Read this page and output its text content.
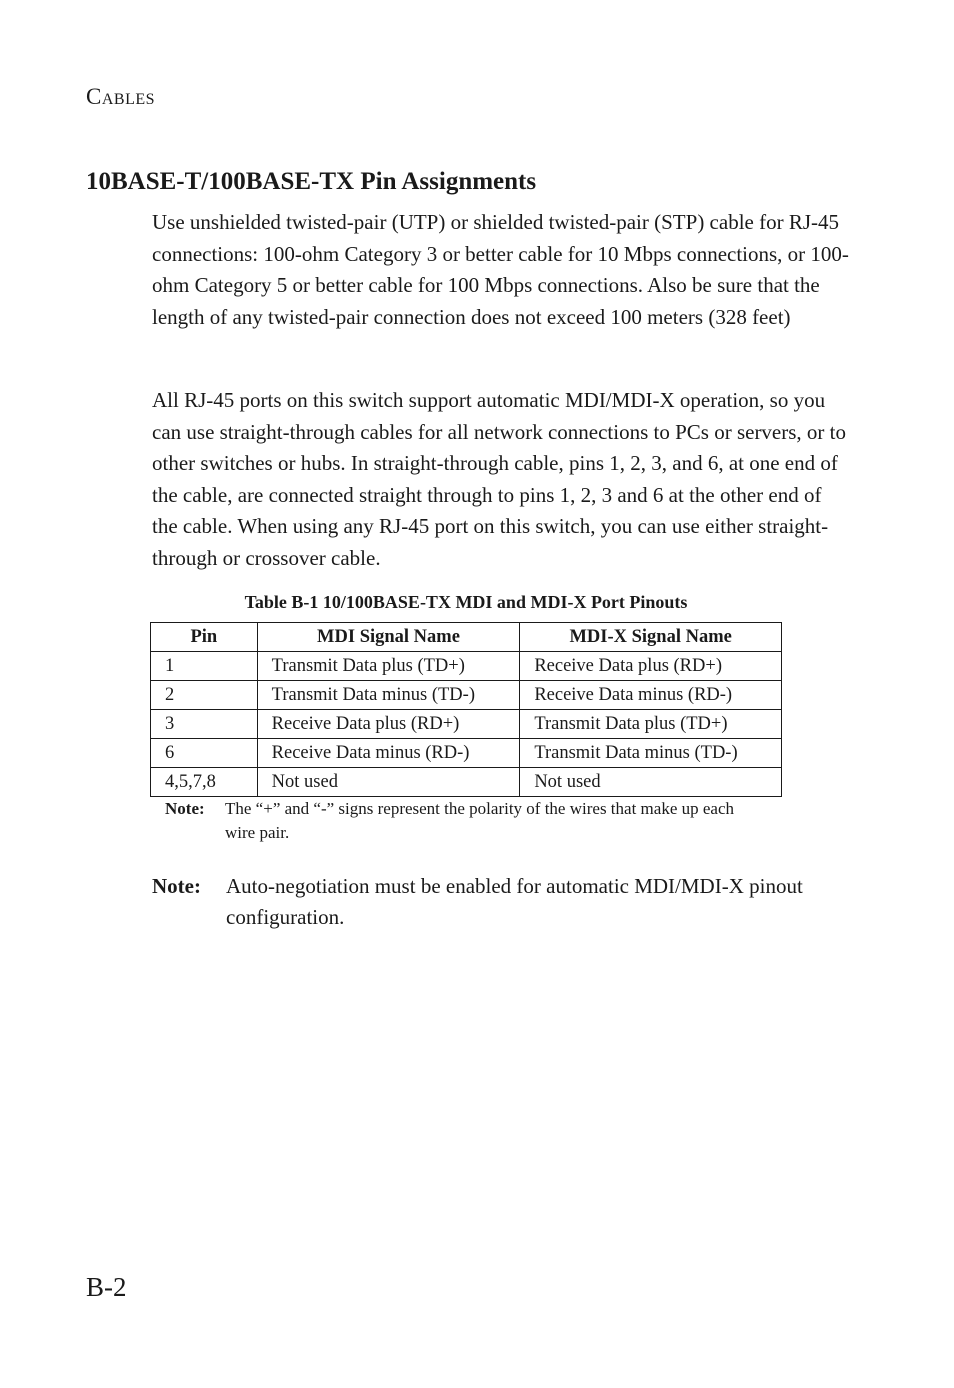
CABLES
10BASE-T/100BASE-TX Pin Assignments

Use unshielded twisted-pair (UTP) or shielded twisted-pair (STP) cable for RJ-45 connections: 100-ohm Category 3 or better cable for 10 Mbps connections, or 100-ohm Category 5 or better cable for 100 Mbps connections. Also be sure that the length of any twisted-pair connection does not exceed 100 meters (328 feet)

All RJ-45 ports on this switch support automatic MDI/MDI-X operation, so you can use straight-through cables for all network connections to PCs or servers, or to other switches or hubs. In straight-through cable, pins 1, 2, 3, and 6, at one end of the cable, are connected straight through to pins 1, 2, 3 and 6 at the other end of the cable. When using any RJ-45 port on this switch, you can use either straight-through or crossover cable.

Table B-1 10/100BASE-TX MDI and MDI-X Port Pinouts
Pin	MDI Signal Name	MDI-X Signal Name
1	Transmit Data plus (TD+)	Receive Data plus (RD+)
2	Transmit Data minus (TD-)	Receive Data minus (RD-)
3	Receive Data plus (RD+)	Transmit Data plus (TD+)
6	Receive Data minus (RD-)	Transmit Data minus (TD-)
4,5,7,8	Not used	Not used
Note: The “+” and “-” signs represent the polarity of the wires that make up each wire pair.
Note: Auto-negotiation must be enabled for automatic MDI/MDI-X pinout configuration.
B-2
